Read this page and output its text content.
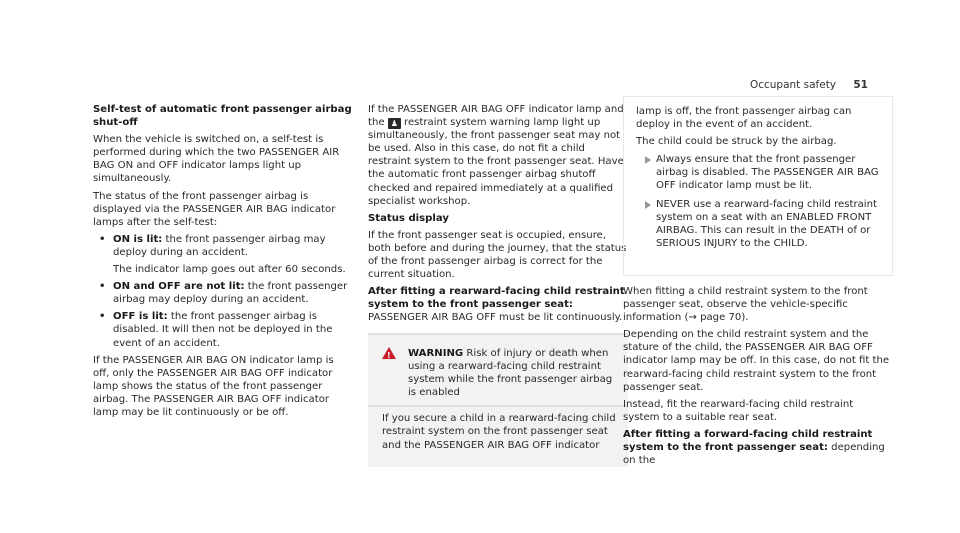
Occupant safety 51

Self-test of automatic front passenger airbag shut-off

When the vehicle is switched on, a self-test is performed during which the two PASSENGER AIR BAG ON and OFF indicator lamps light up simultaneously.

The status of the front passenger airbag is displayed via the PASSENGER AIR BAG indicator lamps after the self-test:

• ON is lit: the front passenger airbag may deploy during an accident.

The indicator lamp goes out after 60 seconds.

• ON and OFF are not lit: the front passenger airbag may deploy during an accident.

• OFF is lit: the front passenger airbag is disabled. It will then not be deployed in the event of an accident.

If the PASSENGER AIR BAG ON indicator lamp is off, only the PASSENGER AIR BAG OFF indicator lamp shows the status of the front passenger airbag. The PASSENGER AIR BAG OFF indicator lamp may be lit continuously or be off.

If the PASSENGER AIR BAG OFF indicator lamp and the ♟ restraint system warning lamp light up simultaneously, the front passenger seat may not be used. Also in this case, do not fit a child restraint system to the front passenger seat. Have the automatic front passenger airbag shutoff checked and repaired immediately at a qualified specialist workshop.

Status display

If the front passenger seat is occupied, ensure, both before and during the journey, that the status of the front passenger airbag is correct for the current situation.

After fitting a rearward-facing child restraint system to the front passenger seat: PASSENGER AIR BAG OFF must be lit continuously.

!	WARNING Risk of injury or death when using a rearward-facing child restraint system while the front passenger airbag is enabled

If you secure a child in a rearward-facing child restraint system on the front passenger seat and the PASSENGER AIR BAG OFF indicator

lamp is off, the front passenger airbag can deploy in the event of an accident.

The child could be struck by the airbag.

Always ensure that the front passenger airbag is disabled. The PASSENGER AIR BAG OFF indicator lamp must be lit.

NEVER use a rearward-facing child restraint system on a seat with an ENABLED FRONT AIRBAG. This can result in the DEATH of or SERIOUS INJURY to the CHILD.

When fitting a child restraint system to the front passenger seat, observe the vehicle-specific information (→ page 70).

Depending on the child restraint system and the stature of the child, the PASSENGER AIR BAG OFF indicator lamp may be off. In this case, do not fit the rearward-facing child restraint system to the front passenger seat.

Instead, fit the rearward-facing child restraint system to a suitable rear seat.

After fitting a forward-facing child restraint system to the front passenger seat: depending on the
